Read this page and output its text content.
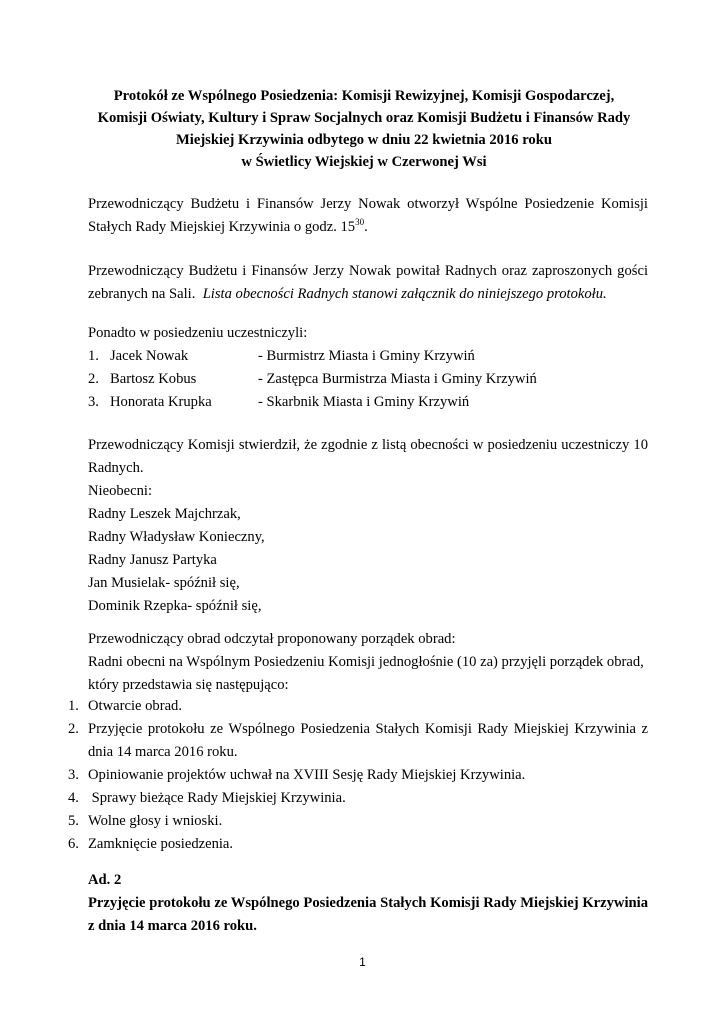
Protokół ze Wspólnego Posiedzenia: Komisji Rewizyjnej, Komisji Gospodarczej,
Komisji Oświaty, Kultury i Spraw Socjalnych oraz Komisji Budżetu i Finansów Rady
Miejskiej Krzywinia odbytego w dniu 22 kwietnia 2016 roku
w Świetlicy Wiejskiej w Czerwonej Wsi
Przewodniczący Budżetu i Finansów Jerzy Nowak otworzył Wspólne Posiedzenie Komisji
Stałych Rady Miejskiej Krzywinia o godz. $15^{30}$.
Przewodniczący Budżetu i Finansów Jerzy Nowak powitał Radnych oraz zaproszonych gości
zebranych na Sali. Lista obecności Radnych stanowi załącznik do niniejszego protokołu.
Ponadto w posiedzeniu uczestniczyli:
1. Jacek Nowak	- Burmistrz Miasta i Gminy Krzywiń
2. Bartosz Kobus	- Zastępca Burmistrza Miasta i Gminy Krzywiń
3. Honorata Krupka	- Skarbnik Miasta i Gminy Krzywiń
Przewodniczący Komisji stwierdził, że zgodnie z listą obecności w posiedzeniu uczestniczy 10
Radnych.
Nieobecni:
Radny Leszek Majchrzak,
Radny Władysław Konieczny,
Radny Janusz Partyka
Jan Musielak- spóźnił się,
Dominik Rzepka- spóźnił się,
Przewodniczący obrad odczytał proponowany porządek obrad:
Radni obecni na Wspólnym Posiedzeniu Komisji jednogłośnie (10 za) przyjęli porządek obrad,
który przedstawia się następująco:
1. Otwarcie obrad.
2. Przyjęcie protokołu ze Wspólnego Posiedzenia Stałych Komisji Rady Miejskiej Krzywinia z
dnia 14 marca 2016 roku.
3. Opiniowanie projektów uchwał na XVIII Sesję Rady Miejskiej Krzywinia.
4. Sprawy bieżące Rady Miejskiej Krzywinia.
5. Wolne głosy i wnioski.
6. Zamknięcie posiedzenia.
Ad. 2
Przyjęcie protokołu ze Wspólnego Posiedzenia Stałych Komisji Rady Miejskiej Krzywinia
z dnia 14 marca 2016 roku.
1
